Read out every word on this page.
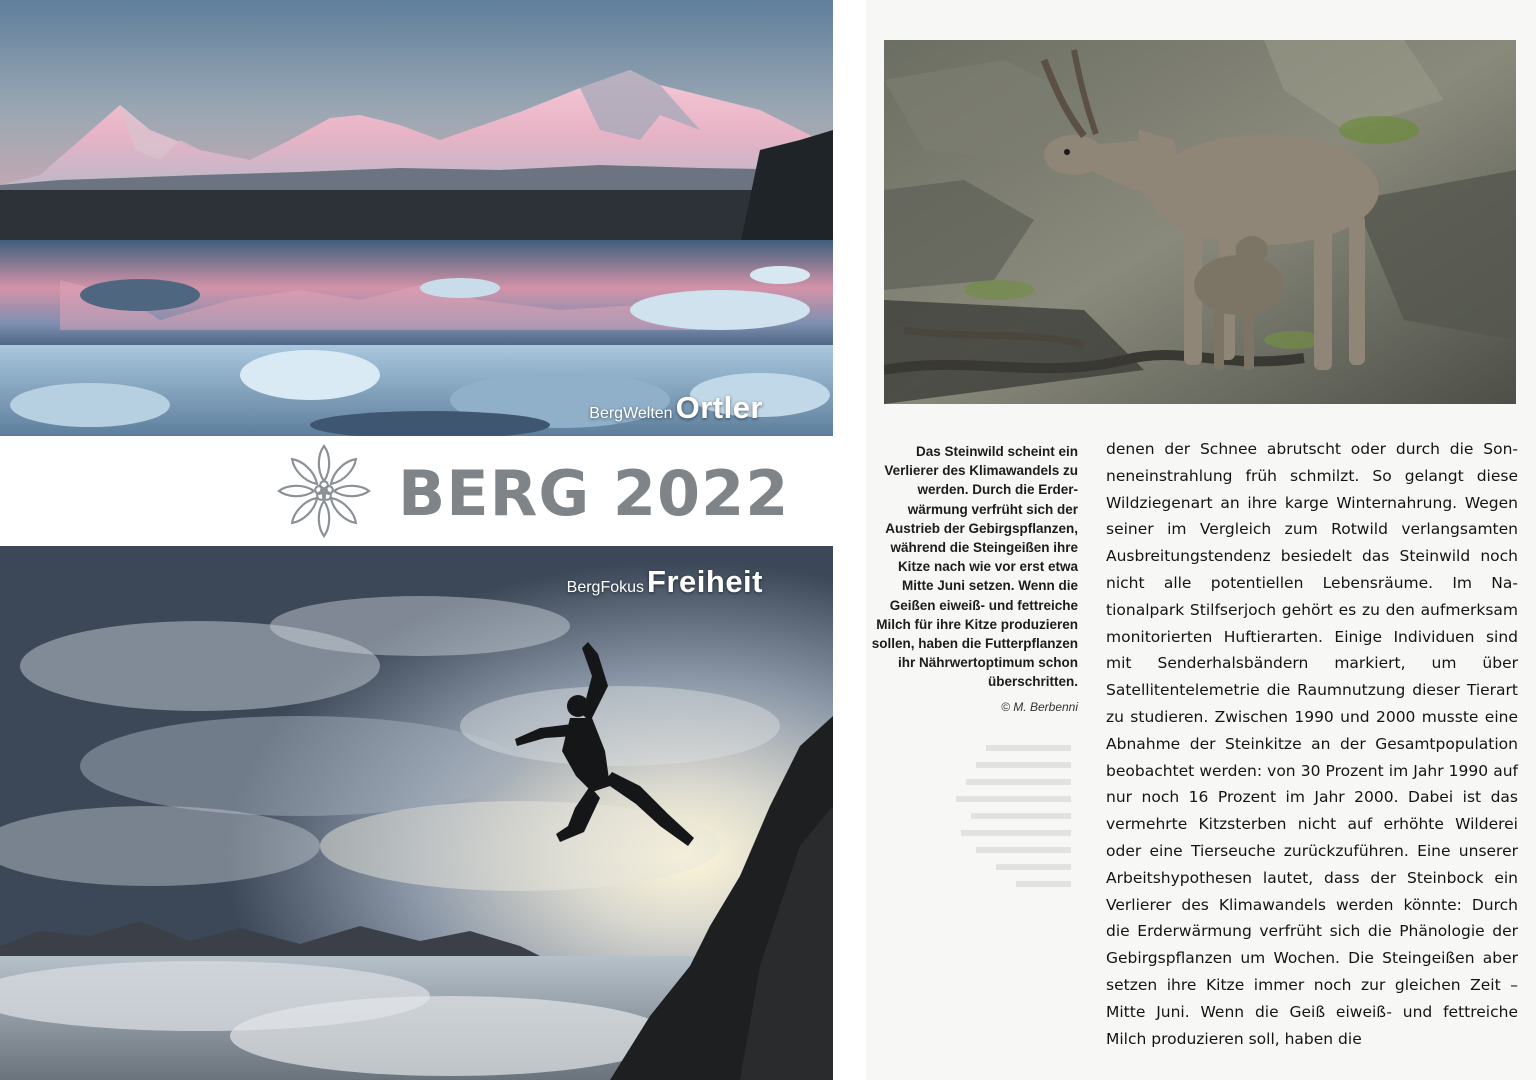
BergWeltenOrtler
BERG 2022
BergFokusFreiheit
Das Steinwild scheint ein Verlierer des Klimawandels zu werden. Durch die Erderwärmung verfrüht sich der Austrieb der Gebirgspflanzen, während die Steingeißen ihre Kitze nach wie vor erst etwa Mitte Juni setzen. Wenn die Geißen eiweiß- und fettreiche Milch für ihre Kitze produzieren sollen, haben die Futterpflanzen ihr Nährwertoptimum schon überschritten.
© M. Berbenni

denen der Schnee abrutscht oder durch die Sonneneinstrahlung früh schmilzt. So gelangt diese Wildziegenart an ihre karge Winternahrung. Wegen seiner im Vergleich zum Rotwild verlangsamten Ausbreitungstendenz besiedelt das Steinwild noch nicht alle potentiellen Lebensräume. Im Nationalpark Stilfserjoch gehört es zu den aufmerksam monitorierten Huftierarten. Einige Individuen sind mit Senderhalsbändern markiert, um über Satellitentelemetrie die Raumnutzung dieser Tierart zu studieren. Zwischen 1990 und 2000 musste eine Abnahme der Steinkitze an der Gesamtpopulation beobachtet werden: von 30 Prozent im Jahr 1990 auf nur noch 16 Prozent im Jahr 2000. Dabei ist das vermehrte Kitzsterben nicht auf erhöhte Wilderei oder eine Tierseuche zurückzuführen. Eine unserer Arbeitshypothesen lautet, dass der Steinbock ein Verlierer des Klimawandels werden könnte: Durch die Erderwärmung verfrüht sich die Phänologie der Gebirgspflanzen um Wochen. Die Steingeißen aber setzen ihre Kitze immer noch zur gleichen Zeit – Mitte Juni. Wenn die Geiß eiweiß- und fettreiche Milch produzieren soll, haben die
